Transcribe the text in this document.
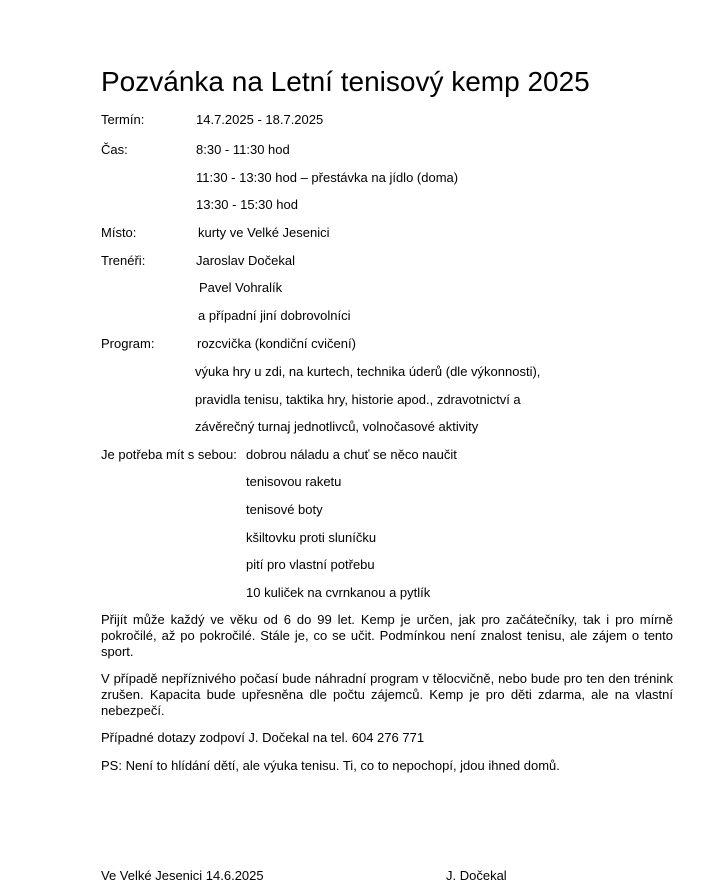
Pozvánka na Letní tenisový kemp 2025
Termín:	14.7.2025 - 18.7.2025
Čas:	8:30 - 11:30 hod
11:30 - 13:30 hod – přestávka na jídlo (doma)
13:30 - 15:30 hod
Místo:	kurty ve Velké Jesenici
Trenéři:	Jaroslav Dočekal
Pavel Vohralík
a případní jiní dobrovolníci
Program:	rozcvička (kondiční cvičení)
výuka hry u zdi, na kurtech, technika úderů (dle výkonnosti),
pravidla tenisu, taktika hry, historie apod., zdravotnictví a
závěrečný turnaj jednotlivců, volnočasové aktivity
Je potřeba mít s sebou: dobrou náladu a chuť se něco naučit
tenisovou raketu
tenisové boty
kšiltovku proti sluníčku
pití pro vlastní potřebu
10 kuliček na cvrnkanou a pytlík

Přijít může každý ve věku od 6 do 99 let. Kemp je určen, jak pro začátečníky, tak i pro mírně pokročilé, až po pokročilé. Stále je, co se učit. Podmínkou není znalost tenisu, ale zájem o tento sport.

V případě nepříznivého počasí bude náhradní program v tělocvičně, nebo bude pro ten den trénink zrušen. Kapacita bude upřesněna dle počtu zájemců. Kemp je pro děti zdarma, ale na vlastní nebezpečí.

Případné dotazy zodpoví J. Dočekal na tel. 604 276 771

PS: Není to hlídání dětí, ale výuka tenisu. Ti, co to nepochopí, jdou ihned domů.

Ve Velké Jesenici 14.6.2025	J. Dočekal
